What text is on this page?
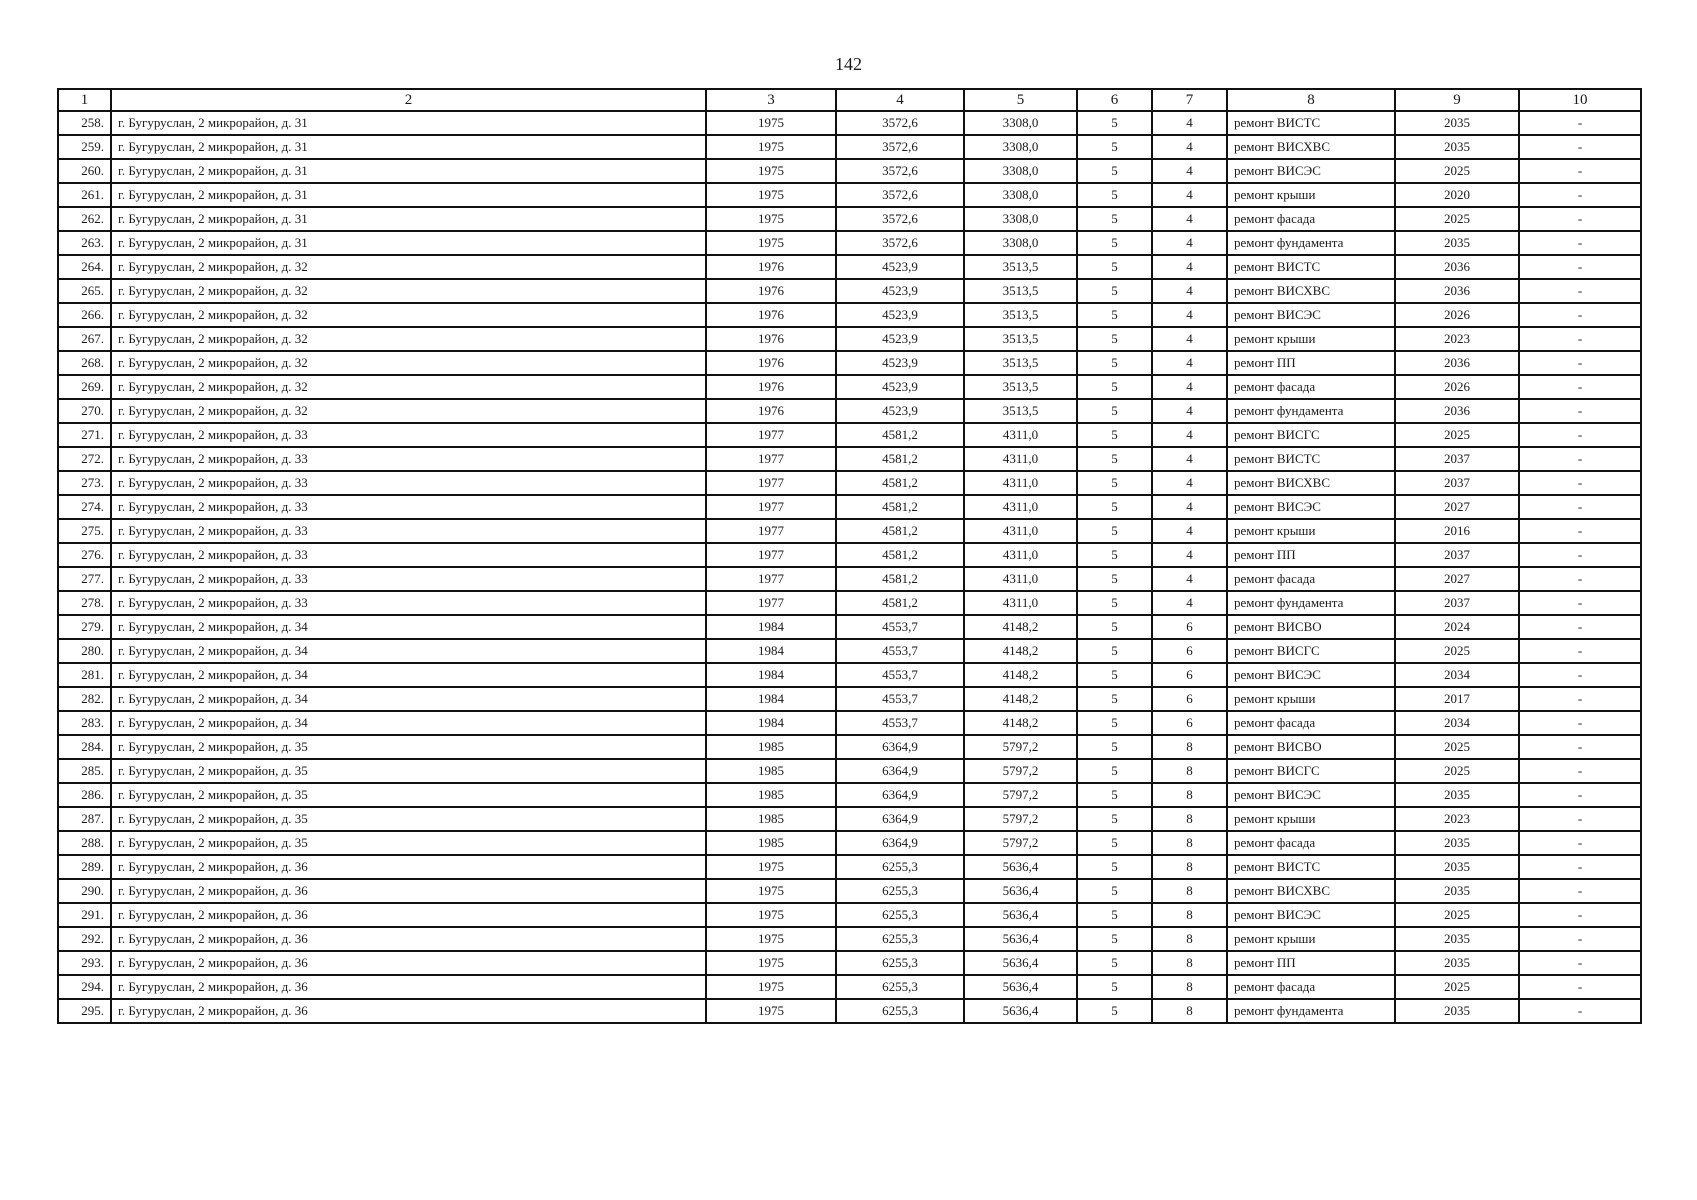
142
1	2	3	4	5	6	7	8	9	10
258.	г. Бугуруслан, 2 микрорайон, д. 31	1975	3572,6	3308,0	5	4	ремонт ВИСТС	2035	-
259.	г. Бугуруслан, 2 микрорайон, д. 31	1975	3572,6	3308,0	5	4	ремонт ВИСХВС	2035	-
260.	г. Бугуруслан, 2 микрорайон, д. 31	1975	3572,6	3308,0	5	4	ремонт ВИСЭС	2025	-
261.	г. Бугуруслан, 2 микрорайон, д. 31	1975	3572,6	3308,0	5	4	ремонт крыши	2020	-
262.	г. Бугуруслан, 2 микрорайон, д. 31	1975	3572,6	3308,0	5	4	ремонт фасада	2025	-
263.	г. Бугуруслан, 2 микрорайон, д. 31	1975	3572,6	3308,0	5	4	ремонт фундамента	2035	-
264.	г. Бугуруслан, 2 микрорайон, д. 32	1976	4523,9	3513,5	5	4	ремонт ВИСТС	2036	-
265.	г. Бугуруслан, 2 микрорайон, д. 32	1976	4523,9	3513,5	5	4	ремонт ВИСХВС	2036	-
266.	г. Бугуруслан, 2 микрорайон, д. 32	1976	4523,9	3513,5	5	4	ремонт ВИСЭС	2026	-
267.	г. Бугуруслан, 2 микрорайон, д. 32	1976	4523,9	3513,5	5	4	ремонт крыши	2023	-
268.	г. Бугуруслан, 2 микрорайон, д. 32	1976	4523,9	3513,5	5	4	ремонт ПП	2036	-
269.	г. Бугуруслан, 2 микрорайон, д. 32	1976	4523,9	3513,5	5	4	ремонт фасада	2026	-
270.	г. Бугуруслан, 2 микрорайон, д. 32	1976	4523,9	3513,5	5	4	ремонт фундамента	2036	-
271.	г. Бугуруслан, 2 микрорайон, д. 33	1977	4581,2	4311,0	5	4	ремонт ВИСГС	2025	-
272.	г. Бугуруслан, 2 микрорайон, д. 33	1977	4581,2	4311,0	5	4	ремонт ВИСТС	2037	-
273.	г. Бугуруслан, 2 микрорайон, д. 33	1977	4581,2	4311,0	5	4	ремонт ВИСХВС	2037	-
274.	г. Бугуруслан, 2 микрорайон, д. 33	1977	4581,2	4311,0	5	4	ремонт ВИСЭС	2027	-
275.	г. Бугуруслан, 2 микрорайон, д. 33	1977	4581,2	4311,0	5	4	ремонт крыши	2016	-
276.	г. Бугуруслан, 2 микрорайон, д. 33	1977	4581,2	4311,0	5	4	ремонт ПП	2037	-
277.	г. Бугуруслан, 2 микрорайон, д. 33	1977	4581,2	4311,0	5	4	ремонт фасада	2027	-
278.	г. Бугуруслан, 2 микрорайон, д. 33	1977	4581,2	4311,0	5	4	ремонт фундамента	2037	-
279.	г. Бугуруслан, 2 микрорайон, д. 34	1984	4553,7	4148,2	5	6	ремонт ВИСВО	2024	-
280.	г. Бугуруслан, 2 микрорайон, д. 34	1984	4553,7	4148,2	5	6	ремонт ВИСГС	2025	-
281.	г. Бугуруслан, 2 микрорайон, д. 34	1984	4553,7	4148,2	5	6	ремонт ВИСЭС	2034	-
282.	г. Бугуруслан, 2 микрорайон, д. 34	1984	4553,7	4148,2	5	6	ремонт крыши	2017	-
283.	г. Бугуруслан, 2 микрорайон, д. 34	1984	4553,7	4148,2	5	6	ремонт фасада	2034	-
284.	г. Бугуруслан, 2 микрорайон, д. 35	1985	6364,9	5797,2	5	8	ремонт ВИСВО	2025	-
285.	г. Бугуруслан, 2 микрорайон, д. 35	1985	6364,9	5797,2	5	8	ремонт ВИСГС	2025	-
286.	г. Бугуруслан, 2 микрорайон, д. 35	1985	6364,9	5797,2	5	8	ремонт ВИСЭС	2035	-
287.	г. Бугуруслан, 2 микрорайон, д. 35	1985	6364,9	5797,2	5	8	ремонт крыши	2023	-
288.	г. Бугуруслан, 2 микрорайон, д. 35	1985	6364,9	5797,2	5	8	ремонт фасада	2035	-
289.	г. Бугуруслан, 2 микрорайон, д. 36	1975	6255,3	5636,4	5	8	ремонт ВИСТС	2035	-
290.	г. Бугуруслан, 2 микрорайон, д. 36	1975	6255,3	5636,4	5	8	ремонт ВИСХВС	2035	-
291.	г. Бугуруслан, 2 микрорайон, д. 36	1975	6255,3	5636,4	5	8	ремонт ВИСЭС	2025	-
292.	г. Бугуруслан, 2 микрорайон, д. 36	1975	6255,3	5636,4	5	8	ремонт крыши	2035	-
293.	г. Бугуруслан, 2 микрорайон, д. 36	1975	6255,3	5636,4	5	8	ремонт ПП	2035	-
294.	г. Бугуруслан, 2 микрорайон, д. 36	1975	6255,3	5636,4	5	8	ремонт фасада	2025	-
295.	г. Бугуруслан, 2 микрорайон, д. 36	1975	6255,3	5636,4	5	8	ремонт фундамента	2035	-
